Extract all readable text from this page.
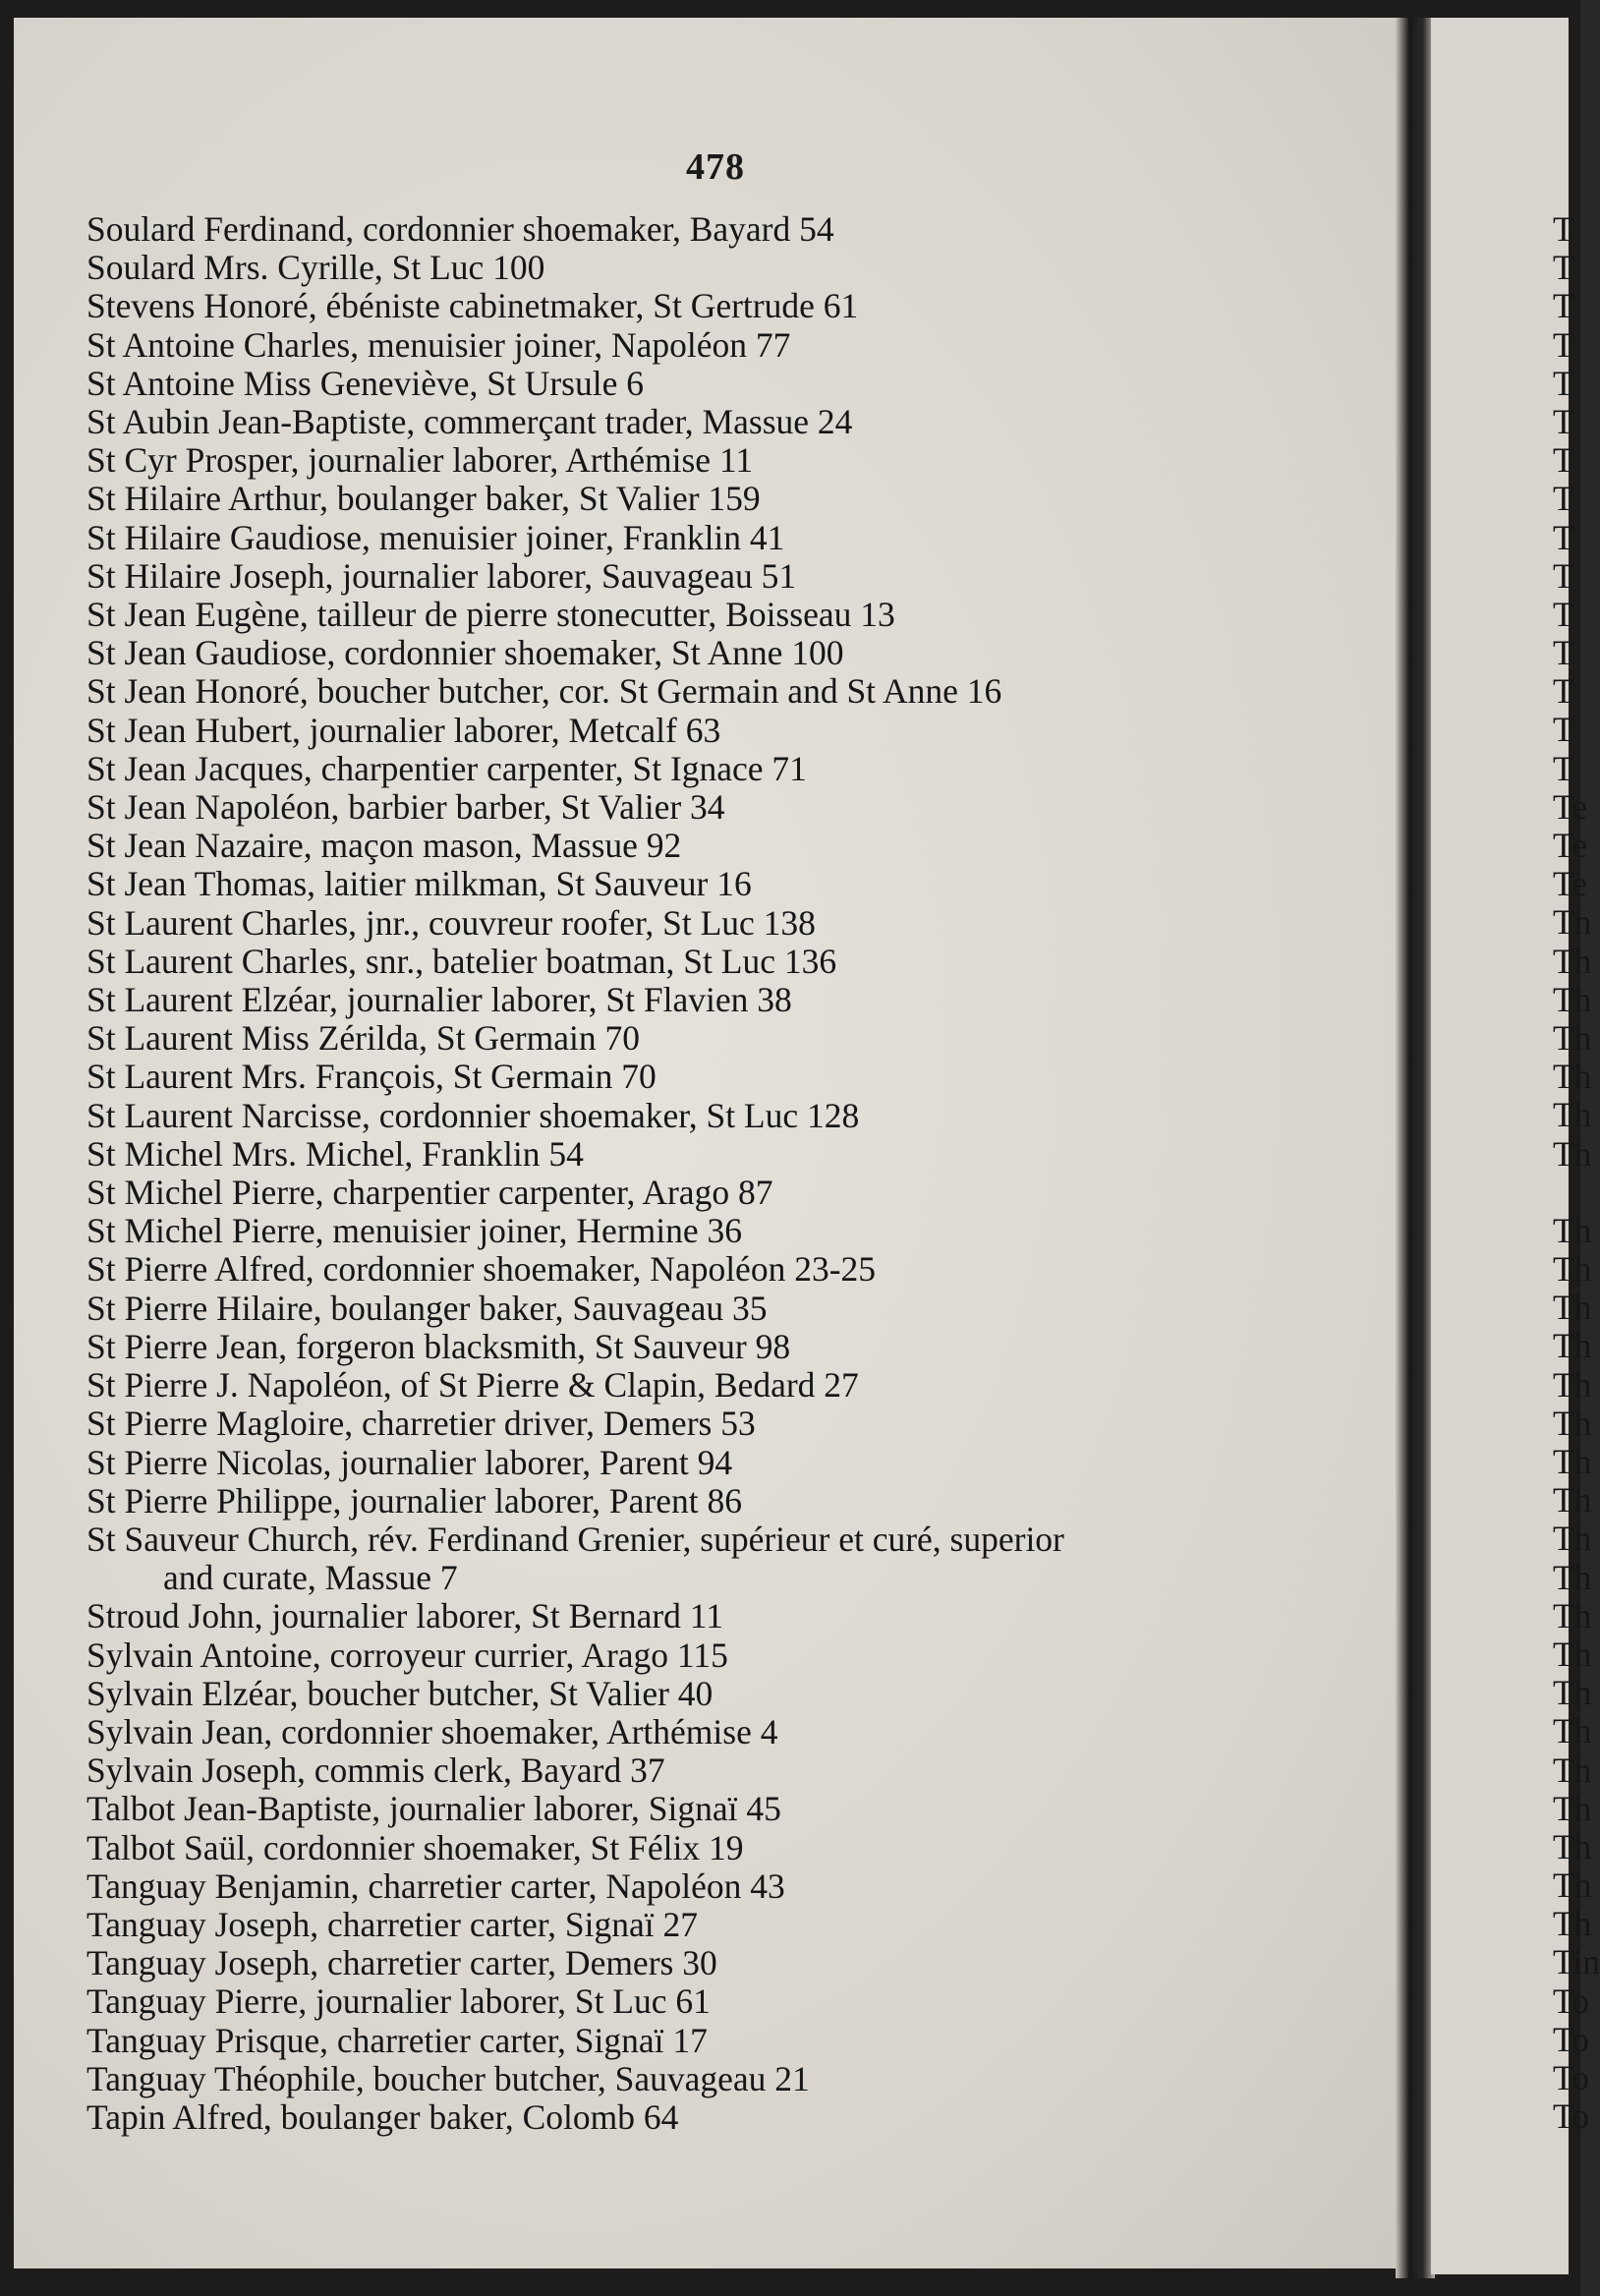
478
Soulard Ferdinand, cordonnier shoemaker, Bayard 54
Soulard Mrs. Cyrille, St Luc 100
Stevens Honoré, ébéniste cabinetmaker, St Gertrude 61
St Antoine Charles, menuisier joiner, Napoléon 77
St Antoine Miss Geneviève, St Ursule 6
St Aubin Jean-Baptiste, commerçant trader, Massue 24
St Cyr Prosper, journalier laborer, Arthémise 11
St Hilaire Arthur, boulanger baker, St Valier 159
St Hilaire Gaudiose, menuisier joiner, Franklin 41
St Hilaire Joseph, journalier laborer, Sauvageau 51
St Jean Eugène, tailleur de pierre stonecutter, Boisseau 13
St Jean Gaudiose, cordonnier shoemaker, St Anne 100
St Jean Honoré, boucher butcher, cor. St Germain and St Anne 16
St Jean Hubert, journalier laborer, Metcalf 63
St Jean Jacques, charpentier carpenter, St Ignace 71
St Jean Napoléon, barbier barber, St Valier 34
St Jean Nazaire, maçon mason, Massue 92
St Jean Thomas, laitier milkman, St Sauveur 16
St Laurent Charles, jnr., couvreur roofer, St Luc 138
St Laurent Charles, snr., batelier boatman, St Luc 136
St Laurent Elzéar, journalier laborer, St Flavien 38
St Laurent Miss Zérilda, St Germain 70
St Laurent Mrs. François, St Germain 70
St Laurent Narcisse, cordonnier shoemaker, St Luc 128
St Michel Mrs. Michel, Franklin 54
St Michel Pierre, charpentier carpenter, Arago 87
St Michel Pierre, menuisier joiner, Hermine 36
St Pierre Alfred, cordonnier shoemaker, Napoléon 23-25
St Pierre Hilaire, boulanger baker, Sauvageau 35
St Pierre Jean, forgeron blacksmith, St Sauveur 98
St Pierre J. Napoléon, of St Pierre & Clapin, Bedard 27
St Pierre Magloire, charretier driver, Demers 53
St Pierre Nicolas, journalier laborer, Parent 94
St Pierre Philippe, journalier laborer, Parent 86
St Sauveur Church, rév. Ferdinand Grenier, supérieur et curé, superior
and curate, Massue 7
Stroud John, journalier laborer, St Bernard 11
Sylvain Antoine, corroyeur currier, Arago 115
Sylvain Elzéar, boucher butcher, St Valier 40
Sylvain Jean, cordonnier shoemaker, Arthémise 4
Sylvain Joseph, commis clerk, Bayard 37
Talbot Jean-Baptiste, journalier laborer, Signaï 45
Talbot Saül, cordonnier shoemaker, St Félix 19
Tanguay Benjamin, charretier carter, Napoléon 43
Tanguay Joseph, charretier carter, Signaï 27
Tanguay Joseph, charretier carter, Demers 30
Tanguay Pierre, journalier laborer, St Luc 61
Tanguay Prisque, charretier carter, Signaï 17
Tanguay Théophile, boucher butcher, Sauvageau 21
Tapin Alfred, boulanger baker, Colomb 64
T
T
T
T
T
T
T
T
T
T
T
T
T
T
T
Te
Te
Te
Th
Th
Th
Th
Th
Th
Th
Th
Th
Th
Th
Th
Th
Th
Th
Th
Th
Th
Th
Th
Th
Th
Th
Th
Th
Th
Tin
To
To
To
To
